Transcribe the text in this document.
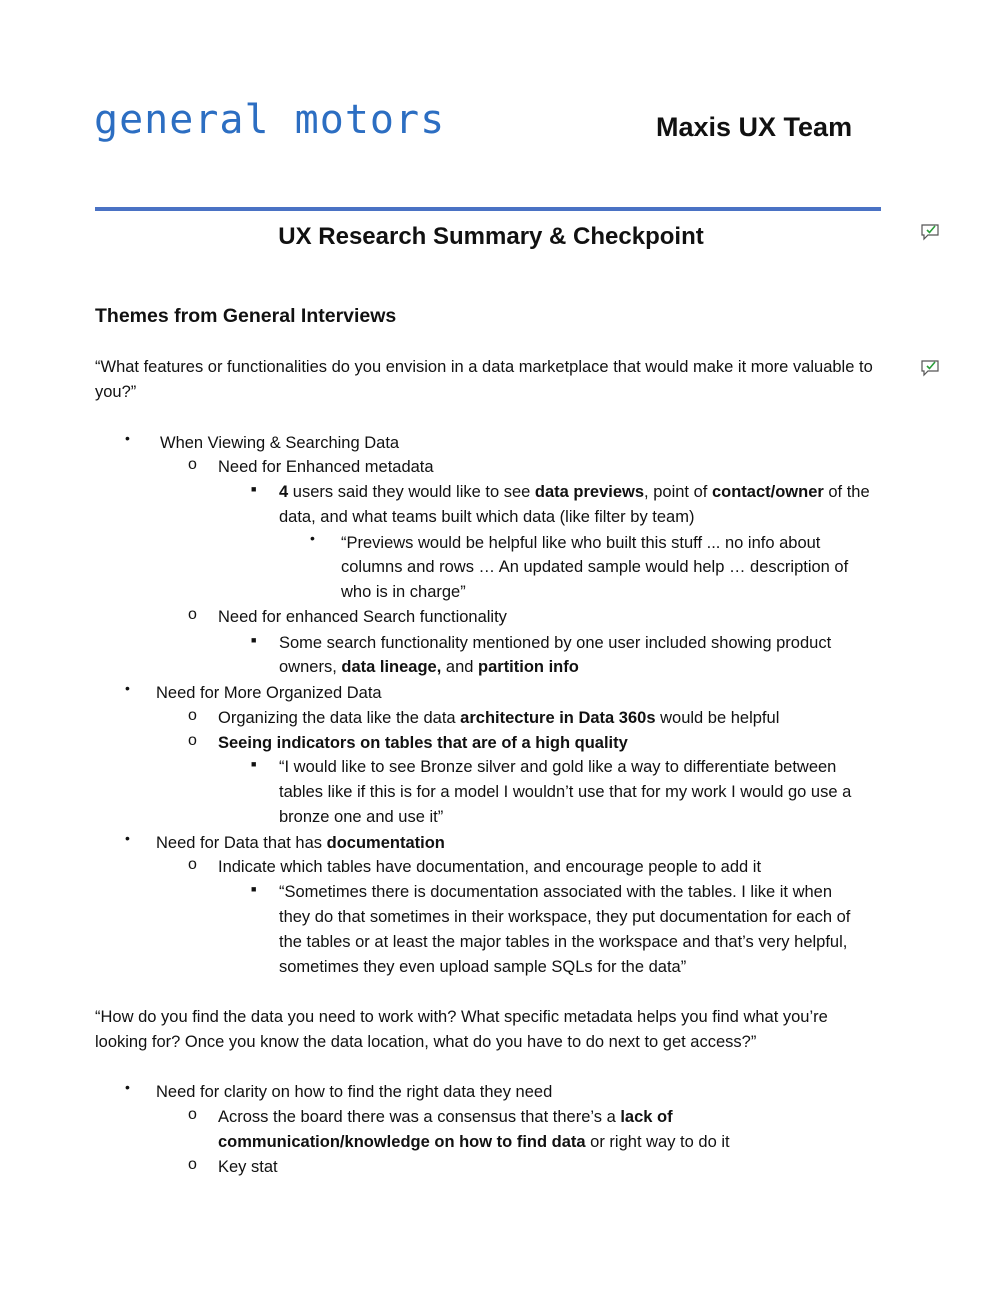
general motors	Maxis UX Team
UX Research Summary & Checkpoint
Themes from General Interviews
“What features or functionalities do you envision in a data marketplace that would make it more valuable to you?”
• When Viewing & Searching Data
o Need for Enhanced metadata
■ 4 users said they would like to see data previews, point of contact/owner of the
data, and what teams built which data (like filter by team)
• “Previews would be helpful like who built this stuff ... no info about
columns and rows … An updated sample would help … description of
who is in charge”
o Need for enhanced Search functionality
■ Some search functionality mentioned by one user included showing product
owners, data lineage, and partition info
• Need for More Organized Data
o Organizing the data like the data architecture in Data 360s would be helpful
o Seeing indicators on tables that are of a high quality
■ “I would like to see Bronze silver and gold like a way to differentiate between
tables like if this is for a model I wouldn’t use that for my work I would go use a
bronze one and use it”
• Need for Data that has documentation
o Indicate which tables have documentation, and encourage people to add it
■ “Sometimes there is documentation associated with the tables. I like it when
they do that sometimes in their workspace, they put documentation for each of
the tables or at least the major tables in the workspace and that’s very helpful,
sometimes they even upload sample SQLs for the data”
“How do you find the data you need to work with? What specific metadata helps you find what you’re looking for? Once you know the data location, what do you have to do next to get access?”
• Need for clarity on how to find the right data they need
o Across the board there was a consensus that there’s a lack of
communication/knowledge on how to find data or right way to do it
o Key stat
